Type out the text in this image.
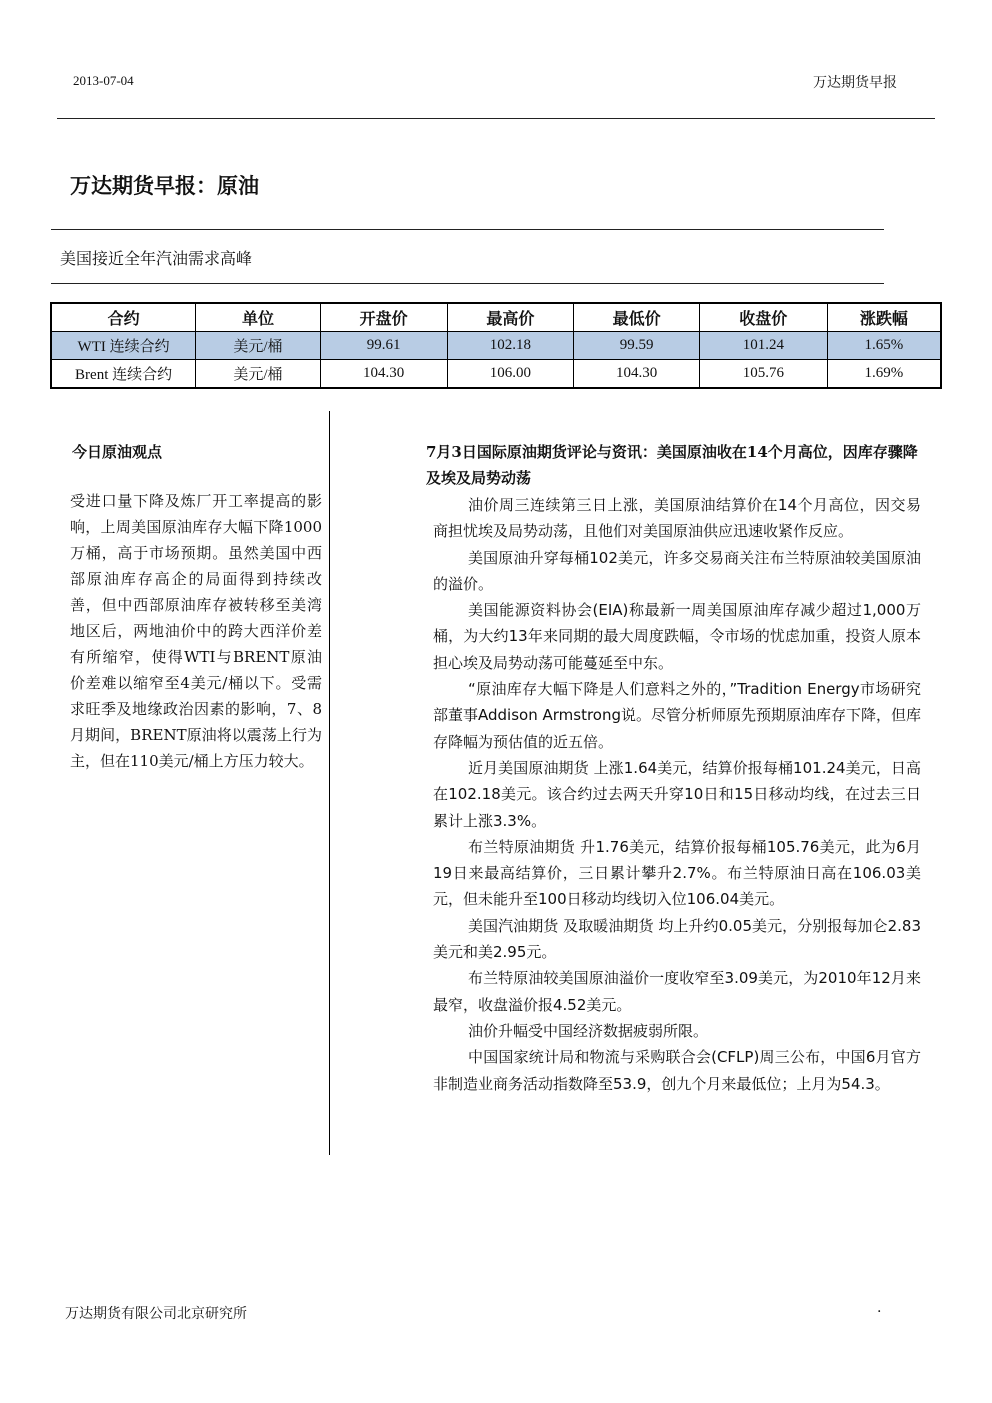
2013-07-04	万达期货早报
万达期货早报：原油
美国接近全年汽油需求高峰
合约	单位	开盘价	最高价	最低价	收盘价	涨跌幅
WTI 连续合约	美元/桶	99.61	102.18	99.59	101.24	1.65%
Brent 连续合约	美元/桶	104.30	106.00	104.30	105.76	1.69%
今日原油观点
受进口量下降及炼厂开工率提高的影响，上周美国原油库存大幅下降1000万桶，高于市场预期。虽然美国中西部原油库存高企的局面得到持续改善，但中西部原油库存被转移至美湾地区后，两地油价中的跨大西洋价差有所缩窄，使得WTI与BRENT原油价差难以缩窄至4美元/桶以下。受需求旺季及地缘政治因素的影响，7、8月期间，BRENT原油将以震荡上行为主，但在110美元/桶上方压力较大。
7月3日国际原油期货评论与资讯：美国原油收在14个月高位，因库存骤降及埃及局势动荡

油价周三连续第三日上涨，美国原油结算价在14个月高位，因交易商担忧埃及局势动荡，且他们对美国原油供应迅速收紧作反应。

美国原油升穿每桶102美元，许多交易商关注布兰特原油较美国原油的溢价。

美国能源资料协会(EIA)称最新一周美国原油库存减少超过1,000万桶，为大约13年来同期的最大周度跌幅，令市场的忧虑加重，投资人原本担心埃及局势动荡可能蔓延至中东。

“原油库存大幅下降是人们意料之外的，”Tradition Energy市场研究部董事Addison Armstrong说。尽管分析师原先预期原油库存下降，但库存降幅为预估值的近五倍。

近月美国原油期货 上涨1.64美元，结算价报每桶101.24美元，日高在102.18美元。该合约过去两天升穿10日和15日移动均线，在过去三日累计上涨3.3%。

布兰特原油期货 升1.76美元，结算价报每桶105.76美元，此为6月19日来最高结算价，三日累计攀升2.7%。布兰特原油日高在106.03美元，但未能升至100日移动均线切入位106.04美元。

美国汽油期货 及取暖油期货 均上升约0.05美元，分别报每加仑2.83美元和美2.95元。

布兰特原油较美国原油溢价一度收窄至3.09美元，为2010年12月来最窄，收盘溢价报4.52美元。

油价升幅受中国经济数据疲弱所限。

中国国家统计局和物流与采购联合会(CFLP)周三公布，中国6月官方非制造业商务活动指数降至53.9，创九个月来最低位；上月为54.3。

万达期货有限公司北京研究所	.
